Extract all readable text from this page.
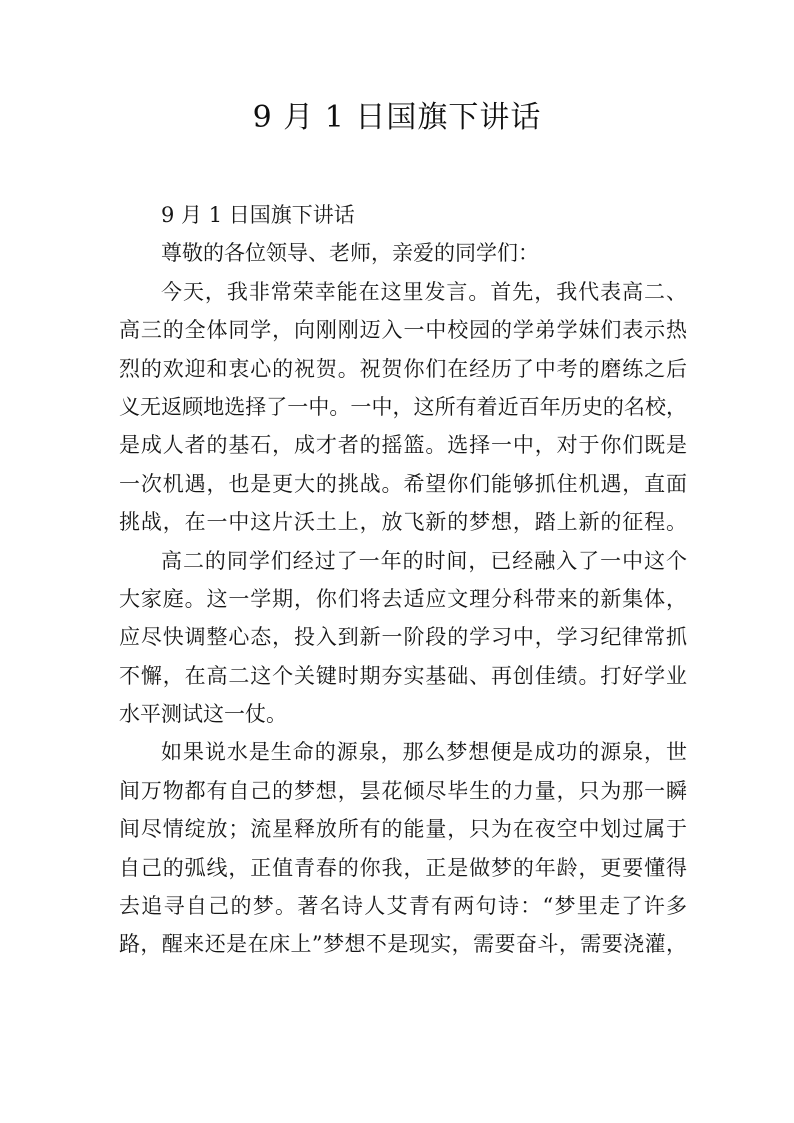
9 月 1 日国旗下讲话
9 月 1 日国旗下讲话
尊敬的各位领导、老师，亲爱的同学们：
今天，我非常荣幸能在这里发言。首先，我代表高二、
高三的全体同学，向刚刚迈入一中校园的学弟学妹们表示热
烈的欢迎和衷心的祝贺。祝贺你们在经历了中考的磨练之后
义无返顾地选择了一中。一中，这所有着近百年历史的名校，
是成人者的基石，成才者的摇篮。选择一中，对于你们既是
一次机遇，也是更大的挑战。希望你们能够抓住机遇，直面
挑战，在一中这片沃土上，放飞新的梦想，踏上新的征程。
高二的同学们经过了一年的时间，已经融入了一中这个
大家庭。这一学期，你们将去适应文理分科带来的新集体，
应尽快调整心态，投入到新一阶段的学习中，学习纪律常抓
不懈，在高二这个关键时期夯实基础、再创佳绩。打好学业
水平测试这一仗。
如果说水是生命的源泉，那么梦想便是成功的源泉，世
间万物都有自己的梦想，昙花倾尽毕生的力量，只为那一瞬
间尽情绽放；流星释放所有的能量，只为在夜空中划过属于
自己的弧线，正值青春的你我，正是做梦的年龄，更要懂得
去追寻自己的梦。著名诗人艾青有两句诗：“梦里走了许多
路，醒来还是在床上”梦想不是现实，需要奋斗，需要浇灌，
